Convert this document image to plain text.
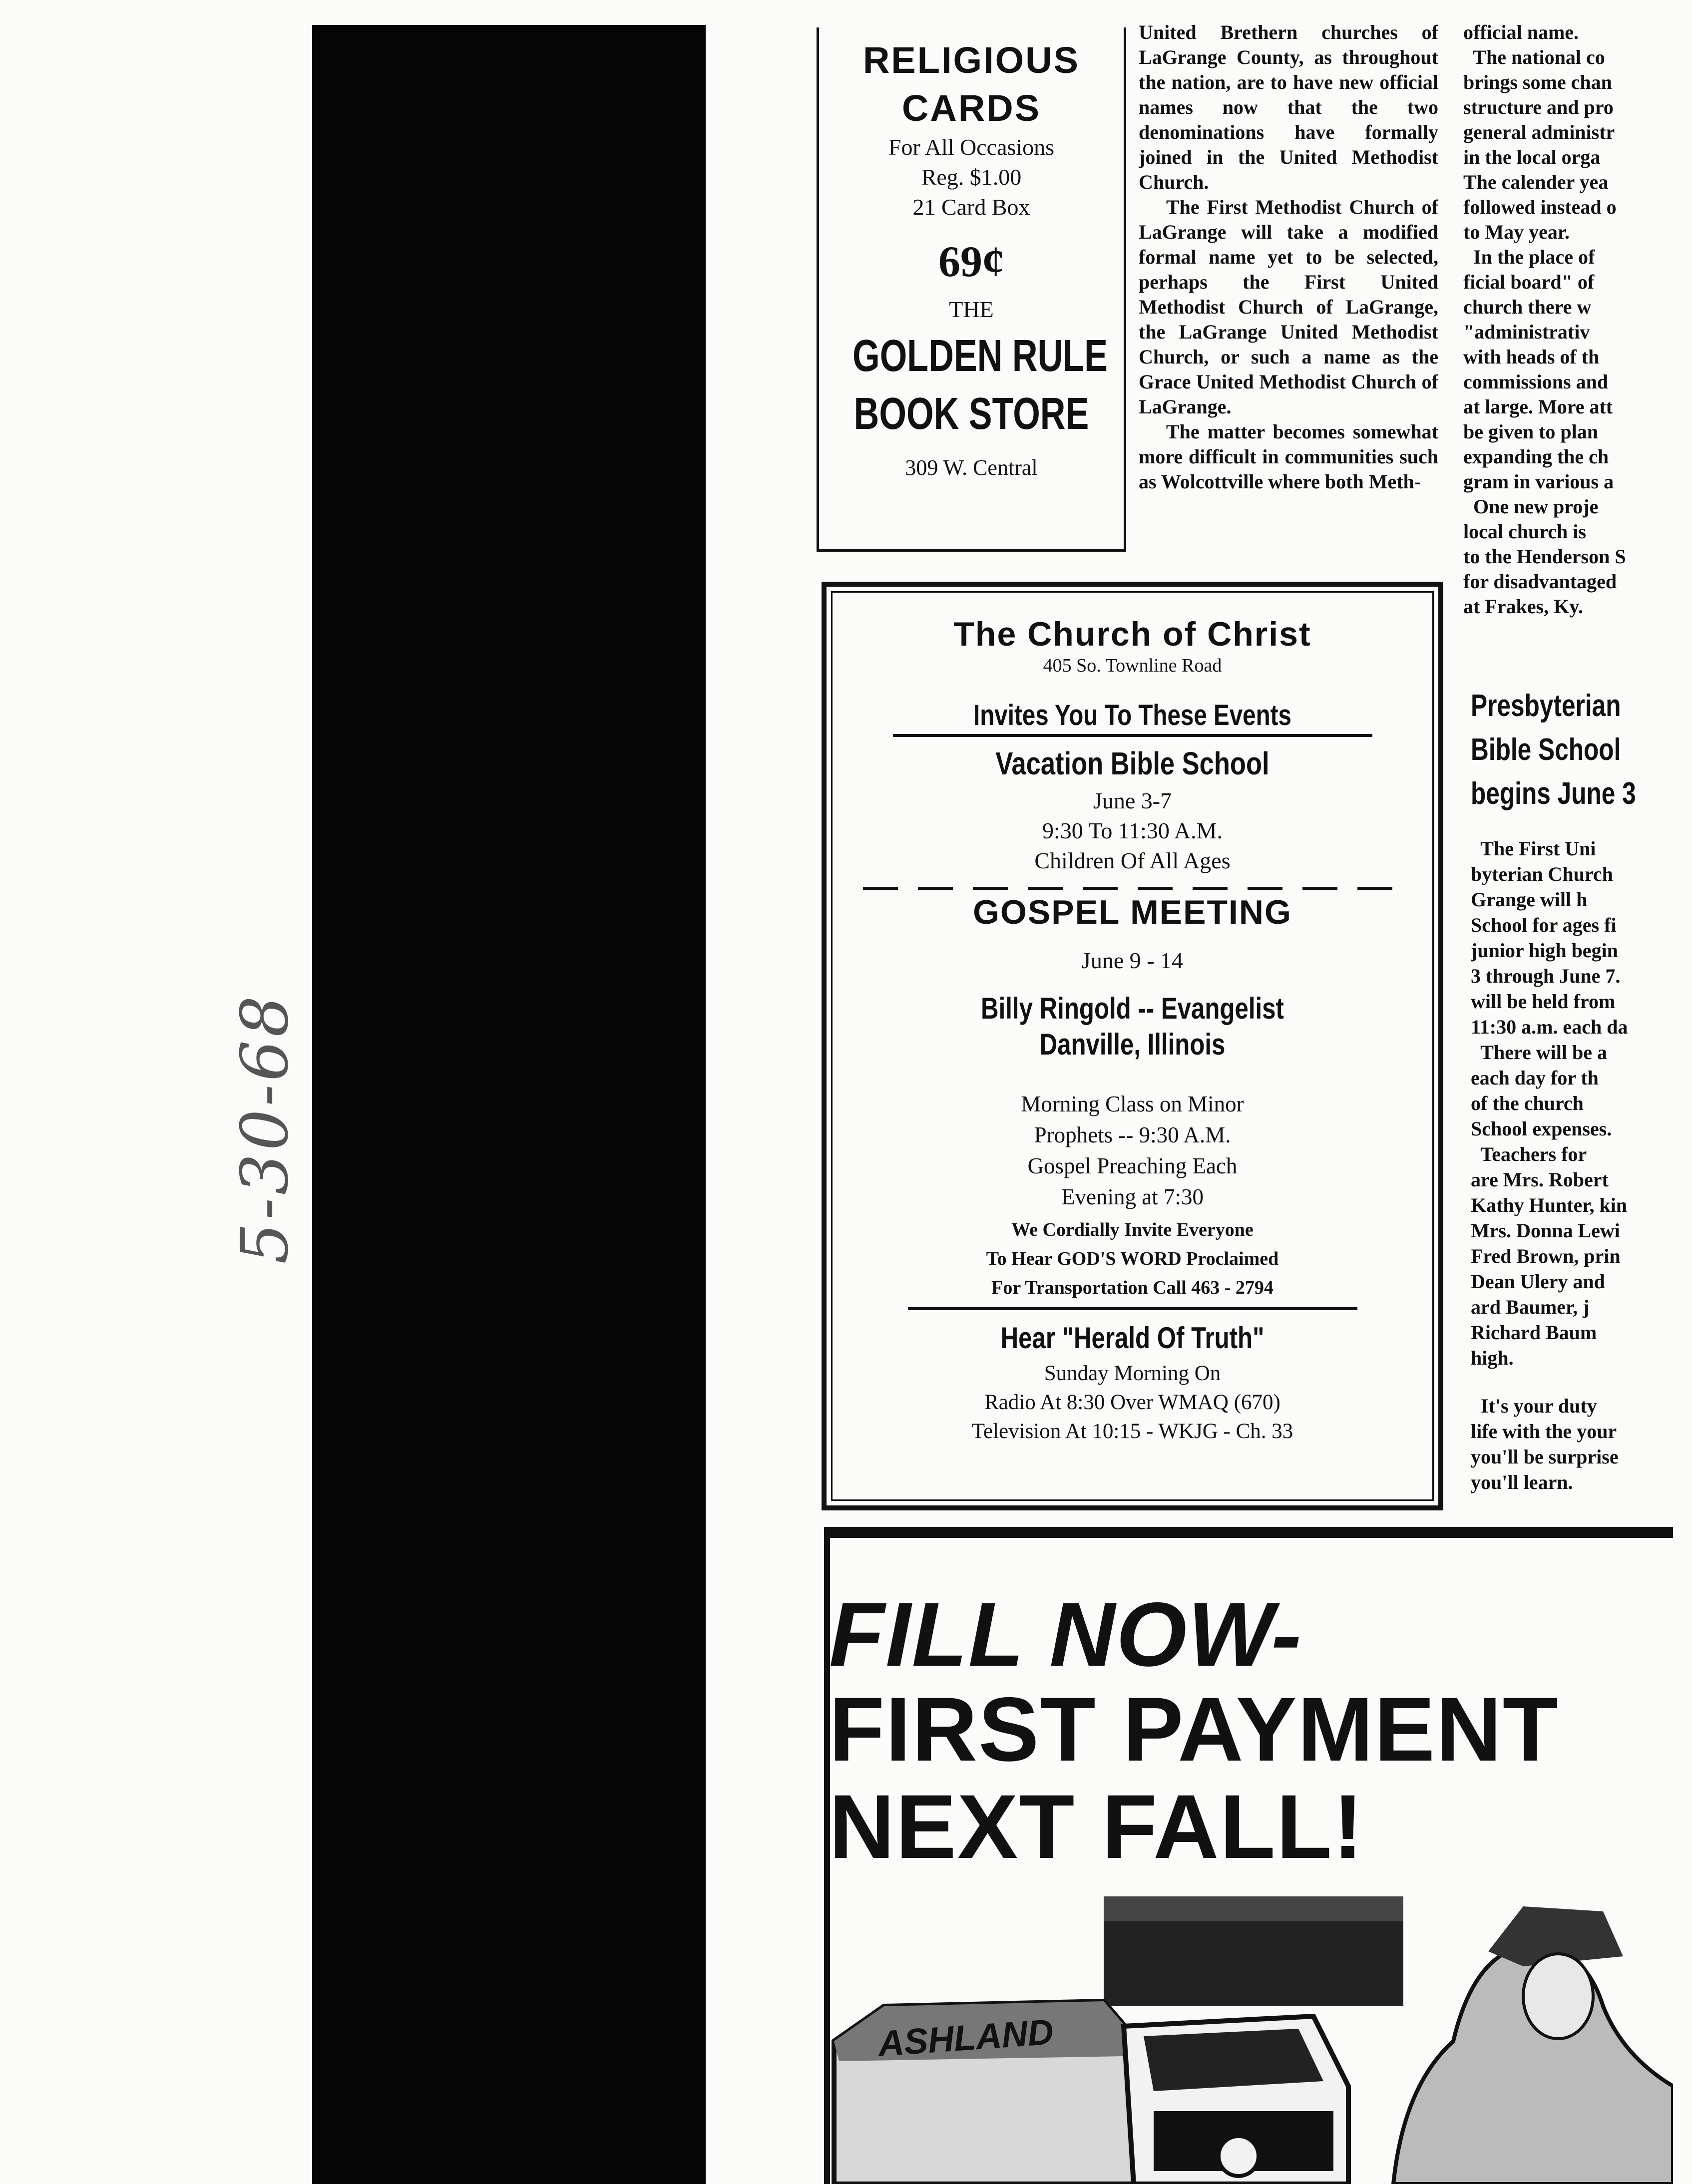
5-30-68
RELIGIOUS
CARDS
For All Occasions
Reg. $1.00
21 Card Box
69¢
THE
GOLDEN RULE
BOOK STORE
309 W. Central

United Brethern churches of LaGrange County, as throughout the nation, are to have new official names now that the two denominations have formally joined in the United Methodist Church.

The First Methodist Church of LaGrange will take a modified formal name yet to be selected, perhaps the First United Methodist Church of LaGrange, the LaGrange United Methodist Church, or such a name as the Grace United Methodist Church of LaGrange.

The matter becomes somewhat more difficult in communities such as Wolcottville where both Meth-

official name.
The national co
brings some chan
structure and pro
general administr
in the local orga
The calender yea
followed instead o
to May year.
In the place of
ficial board" of
church there w
"administrativ
with heads of th
commissions and
at large. More att
be given to plan
expanding the ch
gram in various a
One new proje
local church is
to the Henderson S
for disadvantaged
at Frakes, Ky.
The Church of Christ
405 So. Townline Road
Invites You To These Events
Vacation Bible School
June 3-7
9:30 To 11:30 A.M.
Children Of All Ages
GOSPEL MEETING
June 9 - 14
Billy Ringold -- Evangelist
Danville, Illinois
Morning Class on Minor
Prophets -- 9:30 A.M.
Gospel Preaching Each
Evening at 7:30
We Cordially Invite Everyone
To Hear GOD'S WORD Proclaimed
For Transportation Call 463 - 2794
Hear "Herald Of Truth"
Sunday Morning On
Radio At 8:30 Over WMAQ (670)
Television At 10:15 - WKJG - Ch. 33
Presbyterian
Bible School
begins June 3
The First Uni
byterian Church
Grange will h
School for ages fi
junior high begin
3 through June 7.
will be held from
11:30 a.m. each da
There will be a
each day for th
of the church
School expenses.
Teachers for
are Mrs. Robert
Kathy Hunter, kin
Mrs. Donna Lewi
Fred Brown, prin
Dean Ulery and
ard Baumer, j
Richard Baum
high.
It's your duty
life with the your
you'll be surprise
you'll learn.
FILL NOW-
FIRST PAYMENT
NEXT FALL!
ASHLAND
